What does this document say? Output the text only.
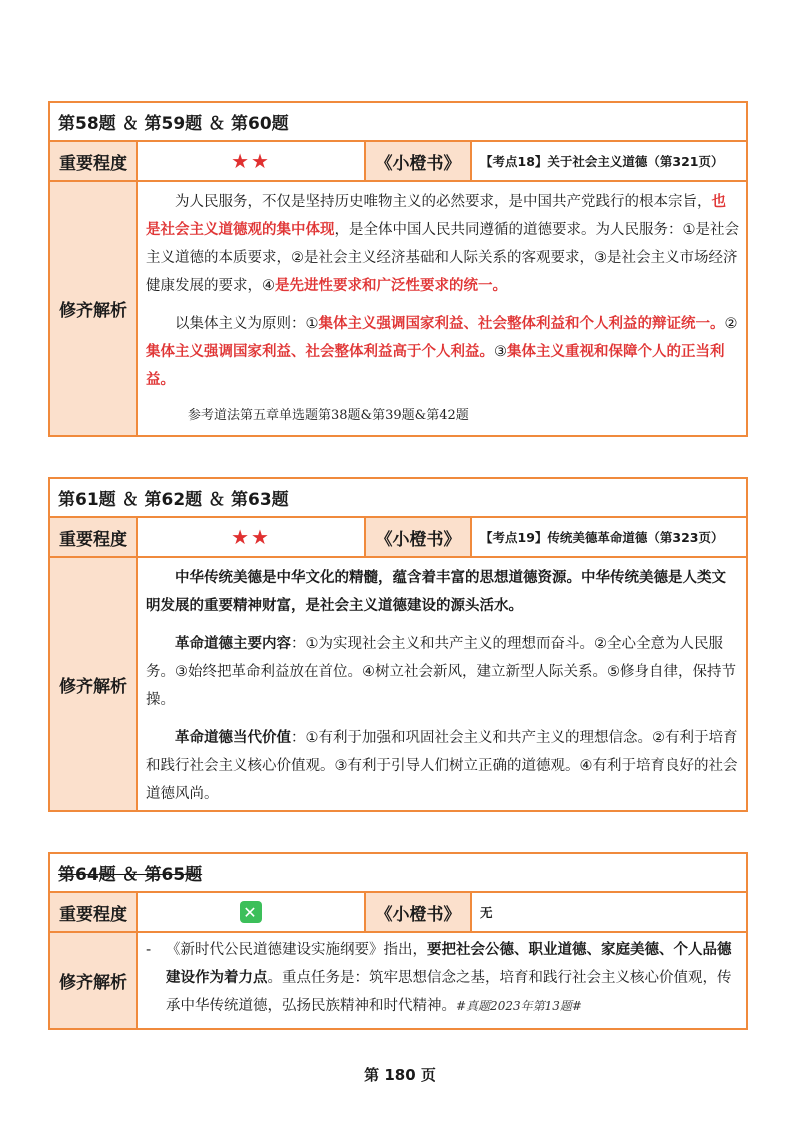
第58题 ＆ 第59题 ＆ 第60题
重要程度	★★	《小橙书》	【考点18】关于社会主义道德（第321页）
修齐解析

为人民服务，不仅是坚持历史唯物主义的必然要求，是中国共产党践行的根本宗旨，也是社会主义道德观的集中体现，是全体中国人民共同遵循的道德要求。为人民服务：①是社会主义道德的本质要求，②是社会主义经济基础和人际关系的客观要求，③是社会主义市场经济健康发展的要求，④是先进性要求和广泛性要求的统一。

以集体主义为原则：①集体主义强调国家利益、社会整体利益和个人利益的辩证统一。②集体主义强调国家利益、社会整体利益高于个人利益。③集体主义重视和保障个人的正当利益。

参考道法第五章单选题第38题&第39题&第42题

第61题 ＆ 第62题 ＆ 第63题
重要程度	★★	《小橙书》	【考点19】传统美德革命道德（第323页）
修齐解析

中华传统美德是中华文化的精髓，蕴含着丰富的思想道德资源。中华传统美德是人类文明发展的重要精神财富，是社会主义道德建设的源头活水。

革命道德主要内容：①为实现社会主义和共产主义的理想而奋斗。②全心全意为人民服务。③始终把革命利益放在首位。④树立社会新风，建立新型人际关系。⑤修身自律，保持节操。

革命道德当代价值：①有利于加强和巩固社会主义和共产主义的理想信念。②有利于培育和践行社会主义核心价值观。③有利于引导人们树立正确的道德观。④有利于培育良好的社会道德风尚。

第64题 ＆ 第65题
重要程度	✕	《小橙书》	无
修齐解析
-	《新时代公民道德建设实施纲要》指出，要把社会公德、职业道德、家庭美德、个人品德建设作为着力点。重点任务是：筑牢思想信念之基，培育和践行社会主义核心价值观，传承中华传统道德，弘扬民族精神和时代精神。#真题2023年第13题#

第 180 页
